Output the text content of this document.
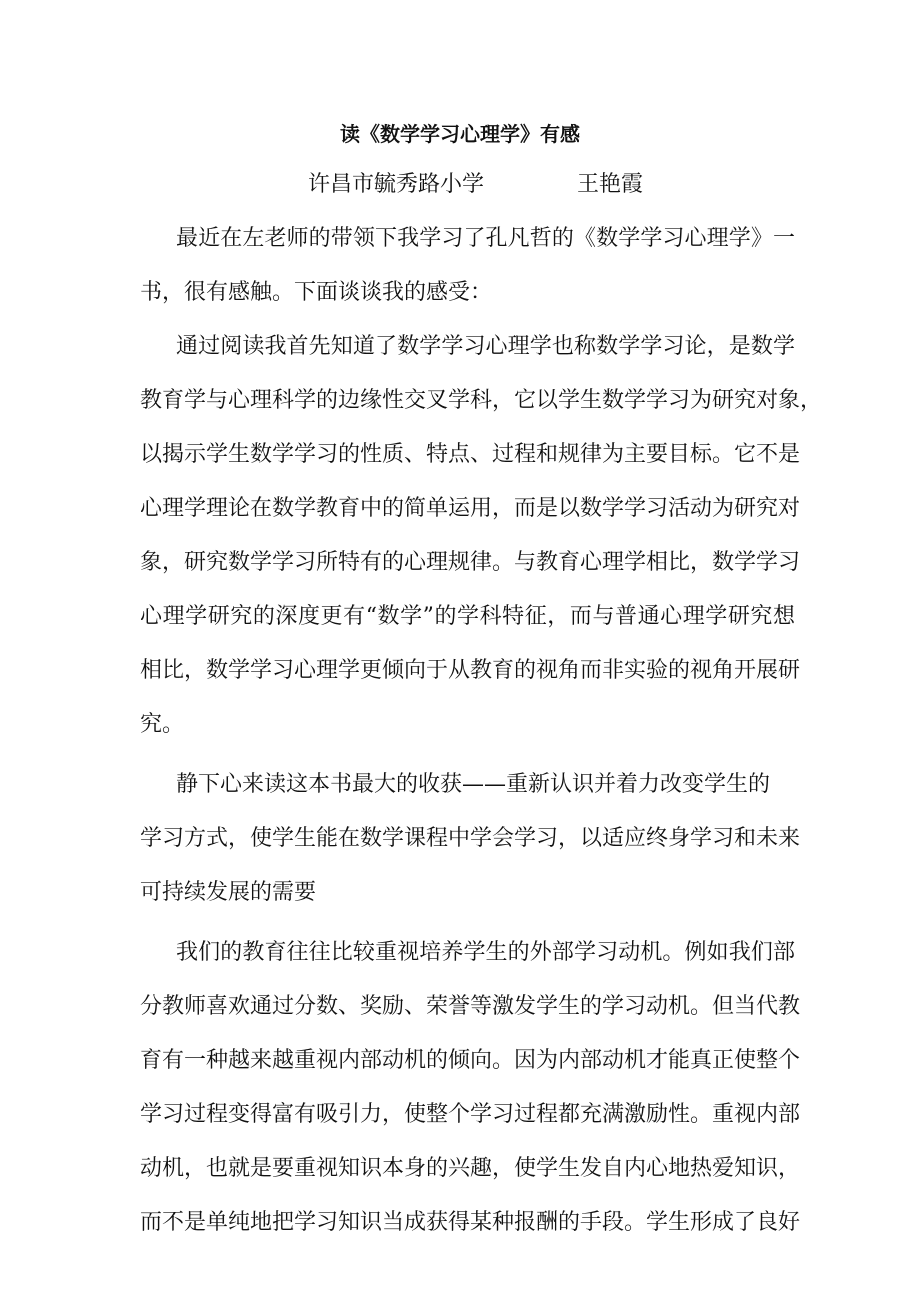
读《数学学习心理学》有感
许昌市毓秀路小学	王艳霞
最近在左老师的带领下我学习了孔凡哲的《数学学习心理学》一
书，很有感触。下面谈谈我的感受：
通过阅读我首先知道了数学学习心理学也称数学学习论，是数学
教育学与心理科学的边缘性交叉学科，它以学生数学学习为研究对象，
以揭示学生数学学习的性质、特点、过程和规律为主要目标。它不是
心理学理论在数学教育中的简单运用，而是以数学学习活动为研究对
象，研究数学学习所特有的心理规律。与教育心理学相比，数学学习
心理学研究的深度更有“数学”的学科特征，而与普通心理学研究想
相比，数学学习心理学更倾向于从教育的视角而非实验的视角开展研
究。
静下心来读这本书最大的收获——重新认识并着力改变学生的
学习方式，使学生能在数学课程中学会学习，以适应终身学习和未来
可持续发展的需要
我们的教育往往比较重视培养学生的外部学习动机。例如我们部
分教师喜欢通过分数、奖励、荣誉等激发学生的学习动机。但当代教
育有一种越来越重视内部动机的倾向。因为内部动机才能真正使整个
学习过程变得富有吸引力，使整个学习过程都充满激励性。重视内部
动机，也就是要重视知识本身的兴趣，使学生发自内心地热爱知识，
而不是单纯地把学习知识当成获得某种报酬的手段。学生形成了良好
